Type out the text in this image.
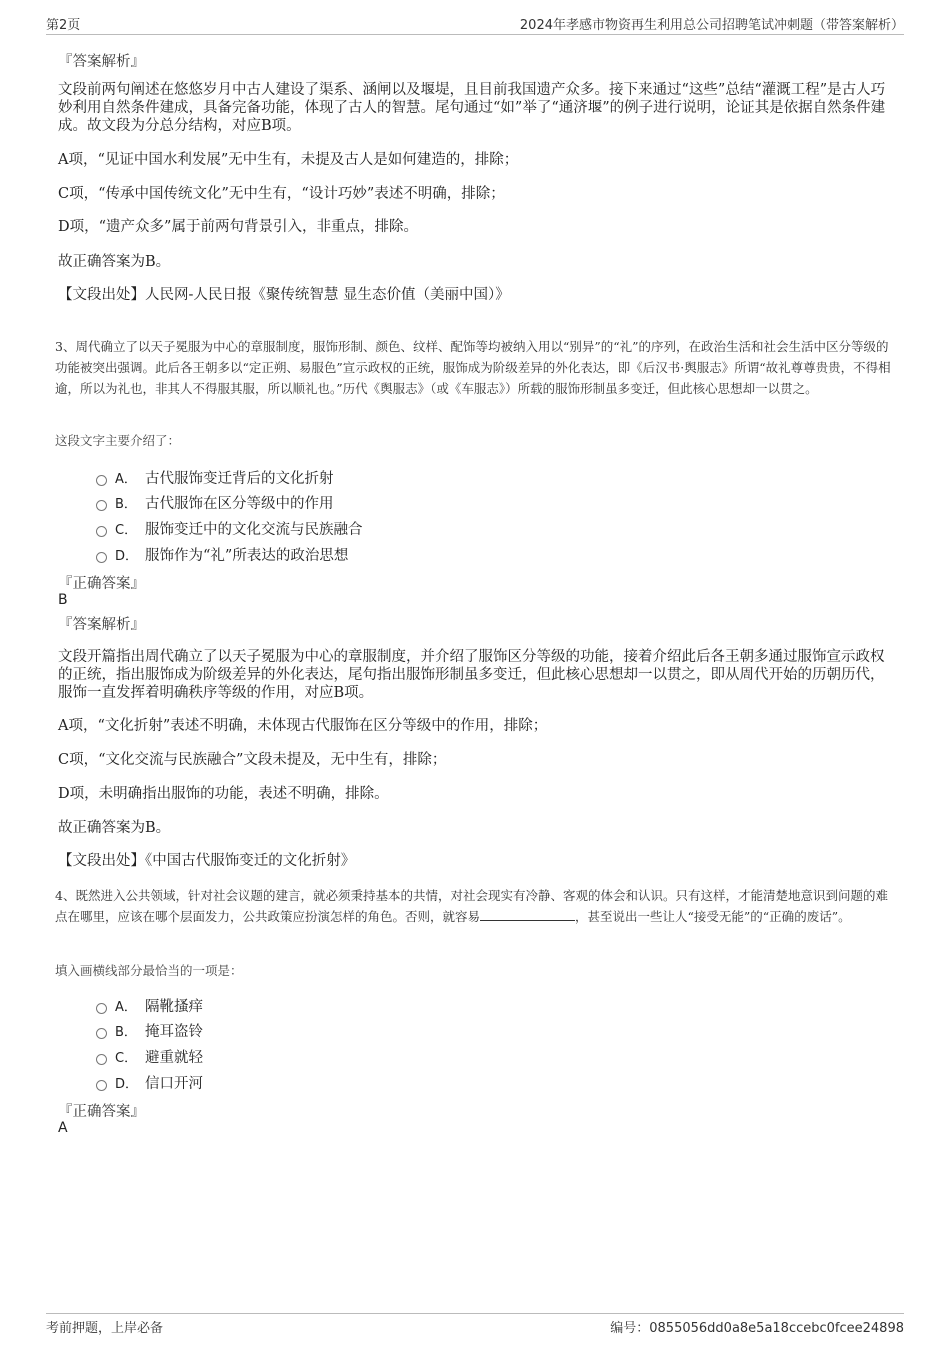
第2页	2024年孝感市物资再生利用总公司招聘笔试冲刺题（带答案解析）
『答案解析』
文段前两句阐述在悠悠岁月中古人建设了渠系、涵闸以及堰堤，且目前我国遗产众多。接下来通过“这些”总结“灌溉工程”是古人巧妙利用自然条件建成，具备完备功能，体现了古人的智慧。尾句通过“如”举了“通济堰”的例子进行说明，论证其是依据自然条件建成。故文段为分总分结构，对应B项。
A项，“见证中国水利发展”无中生有，未提及古人是如何建造的，排除；
C项，“传承中国传统文化”无中生有，“设计巧妙”表述不明确，排除；
D项，“遗产众多”属于前两句背景引入，非重点，排除。
故正确答案为B。
【文段出处】人民网-人民日报《聚传统智慧 显生态价值（美丽中国）》
3、周代确立了以天子冕服为中心的章服制度，服饰形制、颜色、纹样、配饰等均被纳入用以“别异”的“礼”的序列，在政治生活和社会生活中区分等级的功能被突出强调。此后各王朝多以“定正朔、易服色”宣示政权的正统，服饰成为阶级差异的外化表达，即《后汉书·舆服志》所谓“故礼尊尊贵贵，不得相逾，所以为礼也，非其人不得服其服，所以顺礼也。”历代《舆服志》（或《车服志》）所载的服饰形制虽多变迁，但此核心思想却一以贯之。
这段文字主要介绍了：
A． 古代服饰变迁背后的文化折射
B． 古代服饰在区分等级中的作用
C． 服饰变迁中的文化交流与民族融合
D． 服饰作为“礼”所表达的政治思想
『正确答案』
B
『答案解析』
文段开篇指出周代确立了以天子冕服为中心的章服制度，并介绍了服饰区分等级的功能，接着介绍此后各王朝多通过服饰宣示政权的正统，指出服饰成为阶级差异的外化表达，尾句指出服饰形制虽多变迁，但此核心思想却一以贯之，即从周代开始的历朝历代，服饰一直发挥着明确秩序等级的作用，对应B项。
A项，“文化折射”表述不明确，未体现古代服饰在区分等级中的作用，排除；
C项，“文化交流与民族融合”文段未提及，无中生有，排除；
D项，未明确指出服饰的功能，表述不明确，排除。
故正确答案为B。
【文段出处】《中国古代服饰变迁的文化折射》
4、既然进入公共领域，针对社会议题的建言，就必须秉持基本的共情，对社会现实有冷静、客观的体会和认识。只有这样，才能清楚地意识到问题的难点在哪里，应该在哪个层面发力，公共政策应扮演怎样的角色。否则，就容易	，甚至说出一些让人“接受无能”的“正确的废话”。
填入画横线部分最恰当的一项是：
A． 隔靴搔痒
B． 掩耳盗铃
C． 避重就轻
D． 信口开河
『正确答案』
A
考前押题，上岸必备	编号：0855056dd0a8e5a18ccebc0fcee24898
